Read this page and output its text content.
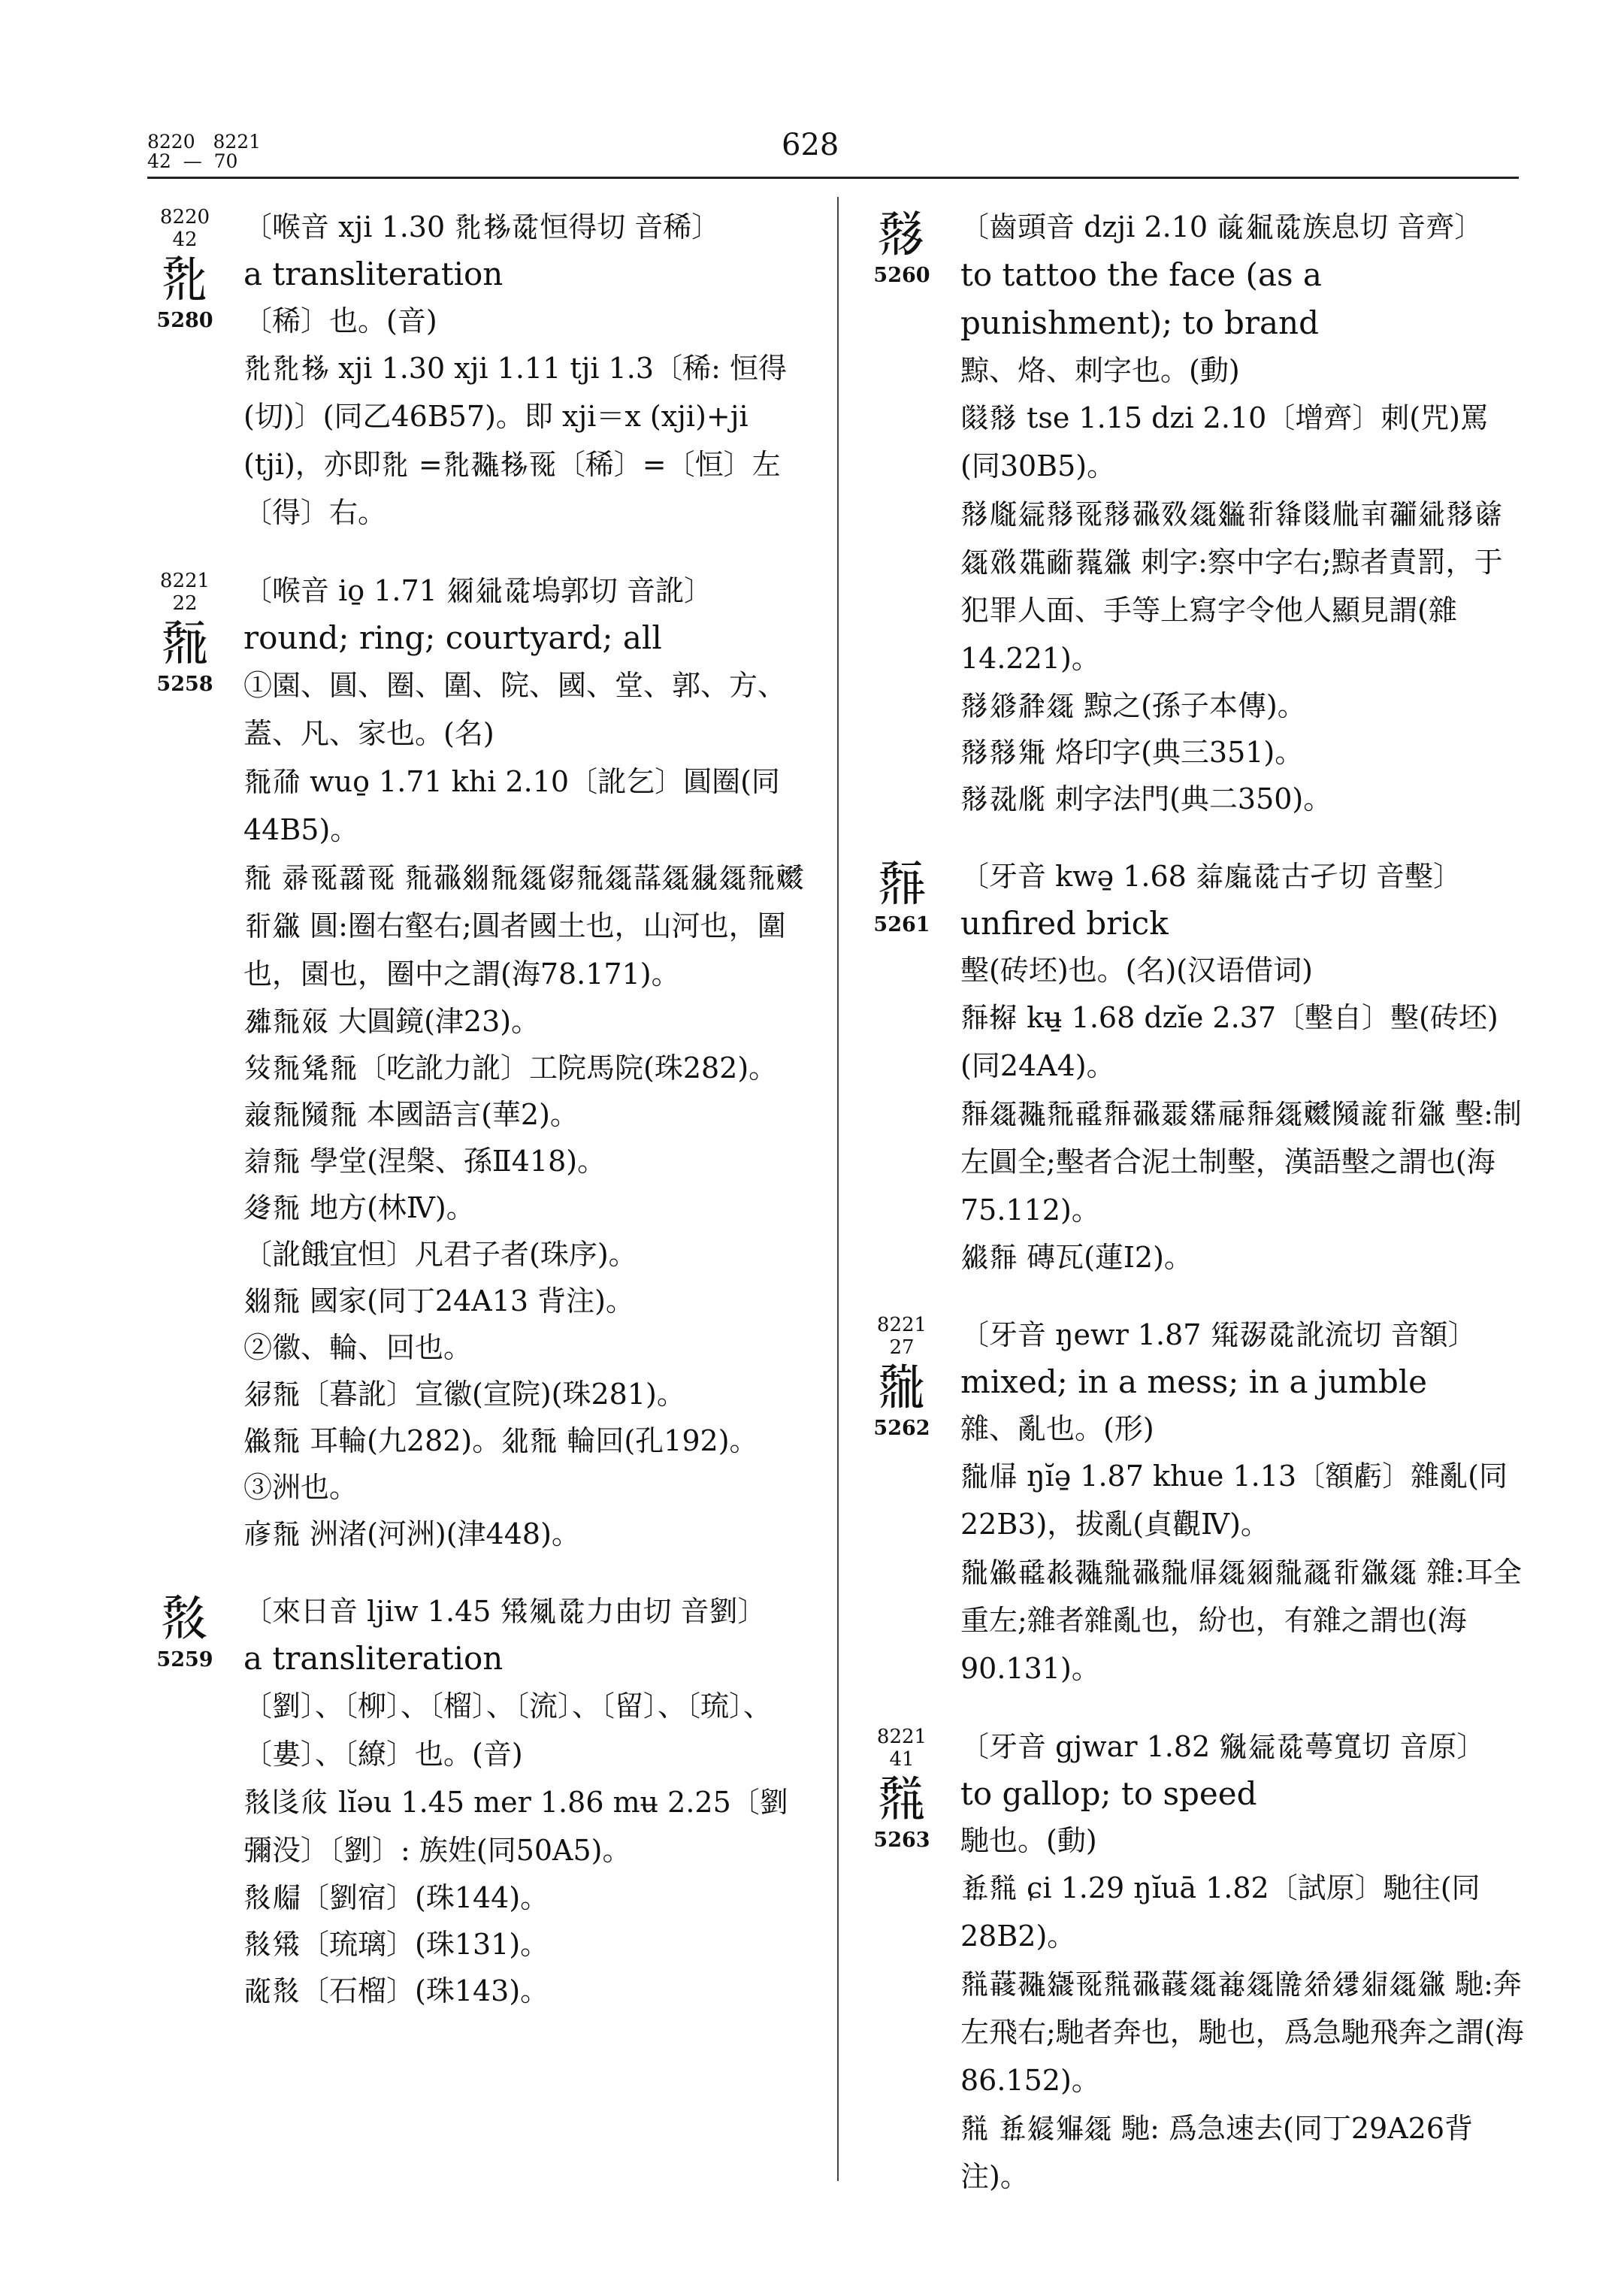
8220   8221
42  —  70	628
8220
42
𘜒
5280
〔喉音 xji 1.30 𘜒𗈪𗱕恒得切 音稀〕
a transliteration
〔稀〕也。(音)
𘜒𘜒𗈪 xji 1.30 xji 1.11 tji 1.3〔稀: 恒得(切)〕(同乙46B57)。即 xji＝x (xji)+ji (tji)，亦即𘜒 =𘜒𗖵𗈪𗀔〔稀〕=〔恒〕左〔得〕右。
8221
22
𘜓
5258
〔喉音 io̱ 1.71 𗥃𗣼𗱕塢郭切 音訛〕
round; ring; courtyard; all
①園、圓、圈、圍、院、國、堂、郭、方、蓋、凡、家也。(名)
𘜓𗗙 wuo̱ 1.71 khi 2.10〔訛乞〕圓圈(同44B5)。
𘜓 𗈁𗀔𗵆𗀔 𘜓𗖻𗾞𘜓𗧯𗃮𘜓𗧯𗛡𗧯𗼑𗧯𘜓𗡝𗘊𗫡 圓:圈右壑右;圓者國土也，山河也，圍也，園也，圈中之謂(海78.171)。
𗉮𘜓𗡞 大圓鏡(津23)。
𗊏𘜓𗊓𘜓〔吃訛力訛〕工院馬院(珠282)。
𗓑𘜓𗂧𘜓 本國語言(華2)。
𗑿𘜓 學堂(涅槃、孫Ⅱ418)。
𗫶𘜓 地方(林Ⅳ)。
〔訛餓宜怛〕凡君子者(珠序)。
𗾞𘜓 國家(同丁24A13 背注)。
②徽、輪、回也。
𗣃𘜓〔暮訛〕宣徽(宣院)(珠281)。
𗏹𘜓 耳輪(九282)。𗢭𘜓 輪回(孔192)。
③洲也。
𗇋𘜓 洲渚(河洲)(津448)。
𘜔
5259
〔來日音 ljiw 1.45 𗋽𗏇𗱕力由切 音劉〕
a transliteration
〔劉〕、〔柳〕、〔榴〕、〔流〕、〔留〕、〔琉〕、〔婁〕、〔繚〕也。(音)
𘜔𗁅𗎽 lĭəu 1.45 mer 1.86 mʉ 2.25〔劉彌没〕〔劉〕: 族姓(同50A5)。
𘜔𗆝〔劉宿〕(珠144)。
𘜔𗋽〔琉璃〕(珠131)。
𗰞𘜔〔石榴〕(珠143)。
𘜕
5260
〔齒頭音 dzji 2.10 𗑉𗥑𗱕族息切 音齊〕
to tattoo the face (as a punishment); to brand
黥、烙、刺字也。(動)
𗂸𘜕 tse 1.15 dzi 2.10〔增齊〕刺(咒)罵(同30B5)。
𘜕𗆟𗦇𘜕𗀔𘜕𗖻𗸦𗧯𗿳𗘊𗌭𗂸𗄻𗇊𗗋𗣼𘜕𗓘𗧯𗡨𗶷𗠁𗜐𗫡 刺字:察中字右;黥者責罰，于犯罪人面、手等上寫字令他人顯見謂(雜14.221)。
𘜕𗤁𗴂𗧯 黥之(孫子本傳)。
𘜕𘜕𗊿 烙印字(典三351)。
𘜕𗖍𗅋 刺字法門(典二350)。
𘜖
5261
〔牙音 kwə̱ 1.68 𗑟𗐧𗱕古孑切 音墼〕
unfired brick
墼(砖坯)也。(名)(汉语借词)
𘜖𗈷 kʉ̱ 1.68 dzĭe 2.37〔墼自〕墼(砖坯)(同24A4)。
𘜖𗧯𗖵𘜓𗸋𘜖𗖻𗵊𗿒𗄊𘜖𗧯𗡝𗂧𗓰𗘊𗫡 墼:制左圓全;墼者合泥土制墼，漢語墼之謂也(海75.112)。
𗧛𘜖 磚瓦(蓮Ⅰ2)。
8221
27
𘜗
5262
〔牙音 ŋewr 1.87 𗋕𗖉𗱕訛流切 音額〕
mixed; in a mess; in a jumble
雜、亂也。(形)
𘜗𗅁 ŋĭə̱ 1.87 khue 1.13〔額虧〕雜亂(同22B3)，拔亂(貞觀Ⅳ)。
𘜗𗏹𗸋𗳒𗖵𘜗𗖻𘜗𗅁𗧯𗥃𘜗𗹙𗘊𗫡𗧯 雜:耳全重左;雜者雜亂也，紛也，有雜之謂也(海90.131)。
8221
41
𘜘
5263
〔牙音 gjwar 1.82 𗋡𗦇𗱕蕚寬切 音原〕
to gallop; to speed
馳也。(動)
𗇜𘜘 ɕi 1.29 ŋĭuā 1.82〔試原〕馳往(同28B2)。
𘜘𗞞𗖵𗿼𗀔𘜘𗖻𗞞𗧯𗓈𗧯𗃉𗣷𗧖𗤋𗧯𗫡 馳:奔左飛右;馳者奔也，馳也，爲急馳飛奔之謂(海86.152)。
𘜘 𗇜𗧠𗋅𗧯 馳: 爲急速去(同丁29A26背注)。
